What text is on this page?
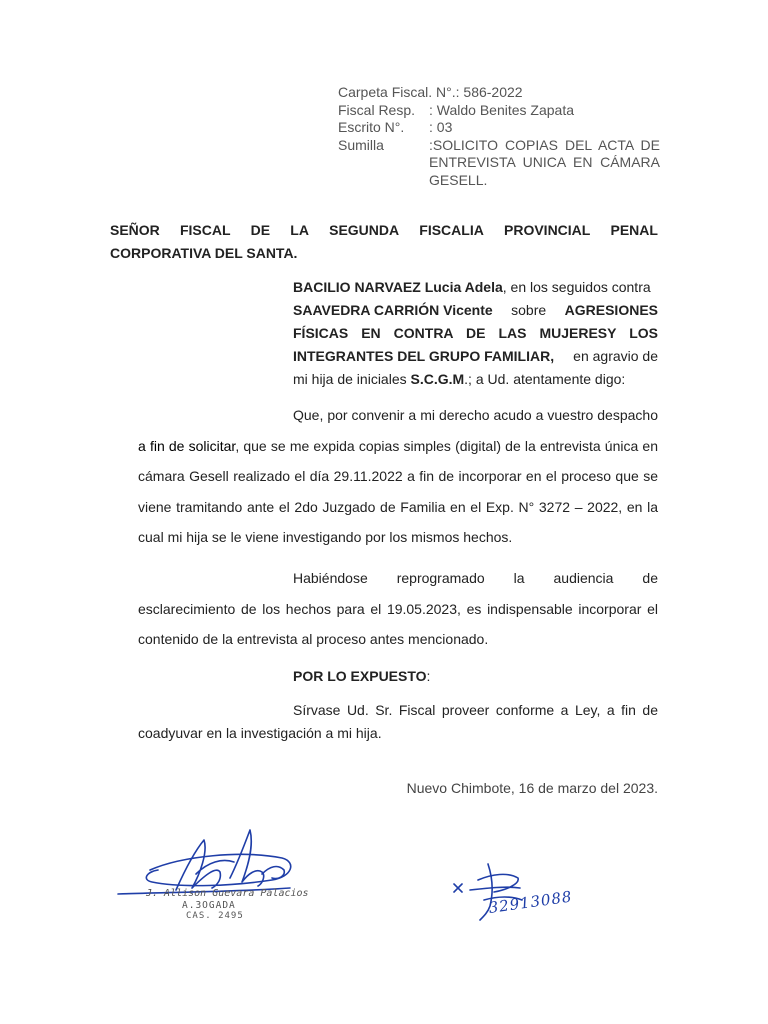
Carpeta Fiscal. N°.: 586-2022
Fiscal Resp. : Waldo Benites Zapata
Escrito N°.	: 03
Sumilla	:SOLICITO COPIAS DEL ACTA DE ENTREVISTA UNICA EN CÁMARA GESELL.
SEÑOR FISCAL DE LA SEGUNDA FISCALIA PROVINCIAL PENAL
CORPORATIVA DEL SANTA.
BACILIO NARVAEZ Lucia Adela, en los seguidos contra
SAAVEDRA CARRIÓN Vicente sobre AGRESIONES
FÍSICAS EN CONTRA DE LAS MUJERESY LOS
INTEGRANTES DEL GRUPO FAMILIAR, en agravio de
mi hija de iniciales S.C.G.M.; a Ud. atentamente digo:
Que, por convenir a mi derecho acudo a vuestro despacho a fin de solicitar, que se me expida copias simples (digital) de la entrevista única en cámara Gesell realizado el día 29.11.2022 a fin de incorporar en el proceso que se viene tramitando ante el 2do Juzgado de Familia en el Exp. N° 3272 – 2022, en la cual mi hija se le viene investigando por los mismos hechos.
Habiéndose reprogramado la audiencia de esclarecimiento de los hechos para el 19.05.2023, es indispensable incorporar el contenido de la entrevista al proceso antes mencionado.
POR LO EXPUESTO:
Sírvase Ud. Sr. Fiscal proveer conforme a Ley, a fin de coadyuvar en la investigación a mi hija.
Nuevo Chimbote, 16 de marzo del 2023.
J. Allison Guevara Palacios
A.3OGADA
CAS. 2495	32913088
